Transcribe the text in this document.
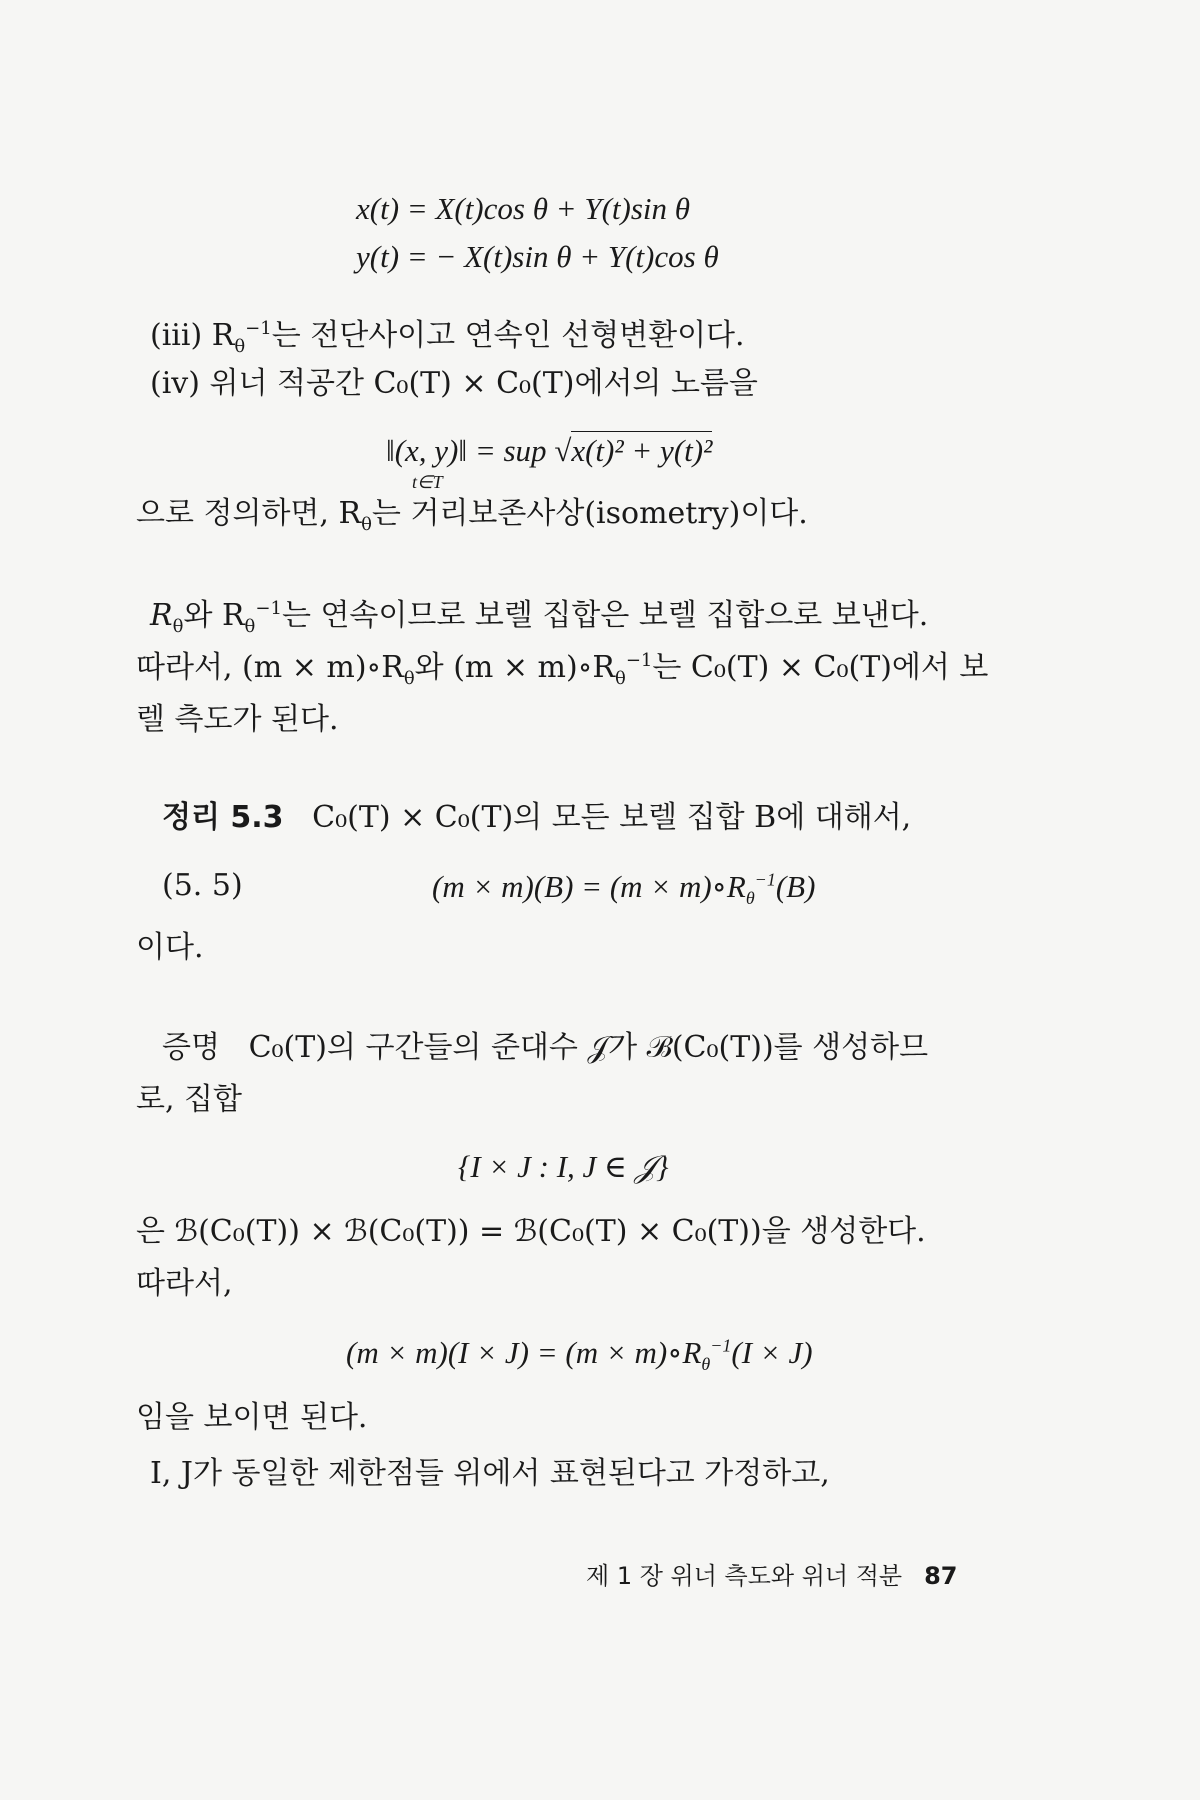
x(t) = X(t)cos θ + Y(t)sin θ
y(t) = − X(t)sin θ + Y(t)cos θ
(iii) $R_\theta^{-1}$는 전단사이고 연속인 선형변환이다.
(iv) 위너 적공간 C₀(T) × C₀(T)에서의 노름을
‖(x, y)‖ = sup √x(t)² + y(t)²
t∈T
으로 정의하면, $R_\theta$는 거리보존사상(isometry)이다.
$R_\theta$와 $R_\theta^{-1}$는 연속이므로 보렐 집합은 보렐 집합으로 보낸다.
따라서, $(m \times m)\circ R_\theta$와 $(m \times m)\circ R_\theta^{-1}$는 C₀(T) × C₀(T)에서 보
렐 측도가 된다.
정리 5.3 C₀(T) × C₀(T)의 모든 보렐 집합 B에 대해서,
(5. 5)	$(m \times m)(B) = (m \times m)\circ R_\theta^{-1}(B)$
이다.
증명 C₀(T)의 구간들의 준대수 𝒥가 ℬ(C₀(T))를 생성하므
로, 집합
{I × J : I, J ∈ 𝒥}
은 ℬ(C₀(T)) × ℬ(C₀(T)) = ℬ(C₀(T) × C₀(T))을 생성한다.
따라서,
$(m \times m)(I \times J) = (m \times m)\circ R_\theta^{-1}(I \times J)$
임을 보이면 된다.
I, J가 동일한 제한점들 위에서 표현된다고 가정하고,
제 1 장 위너 측도와 위너 적분 87
